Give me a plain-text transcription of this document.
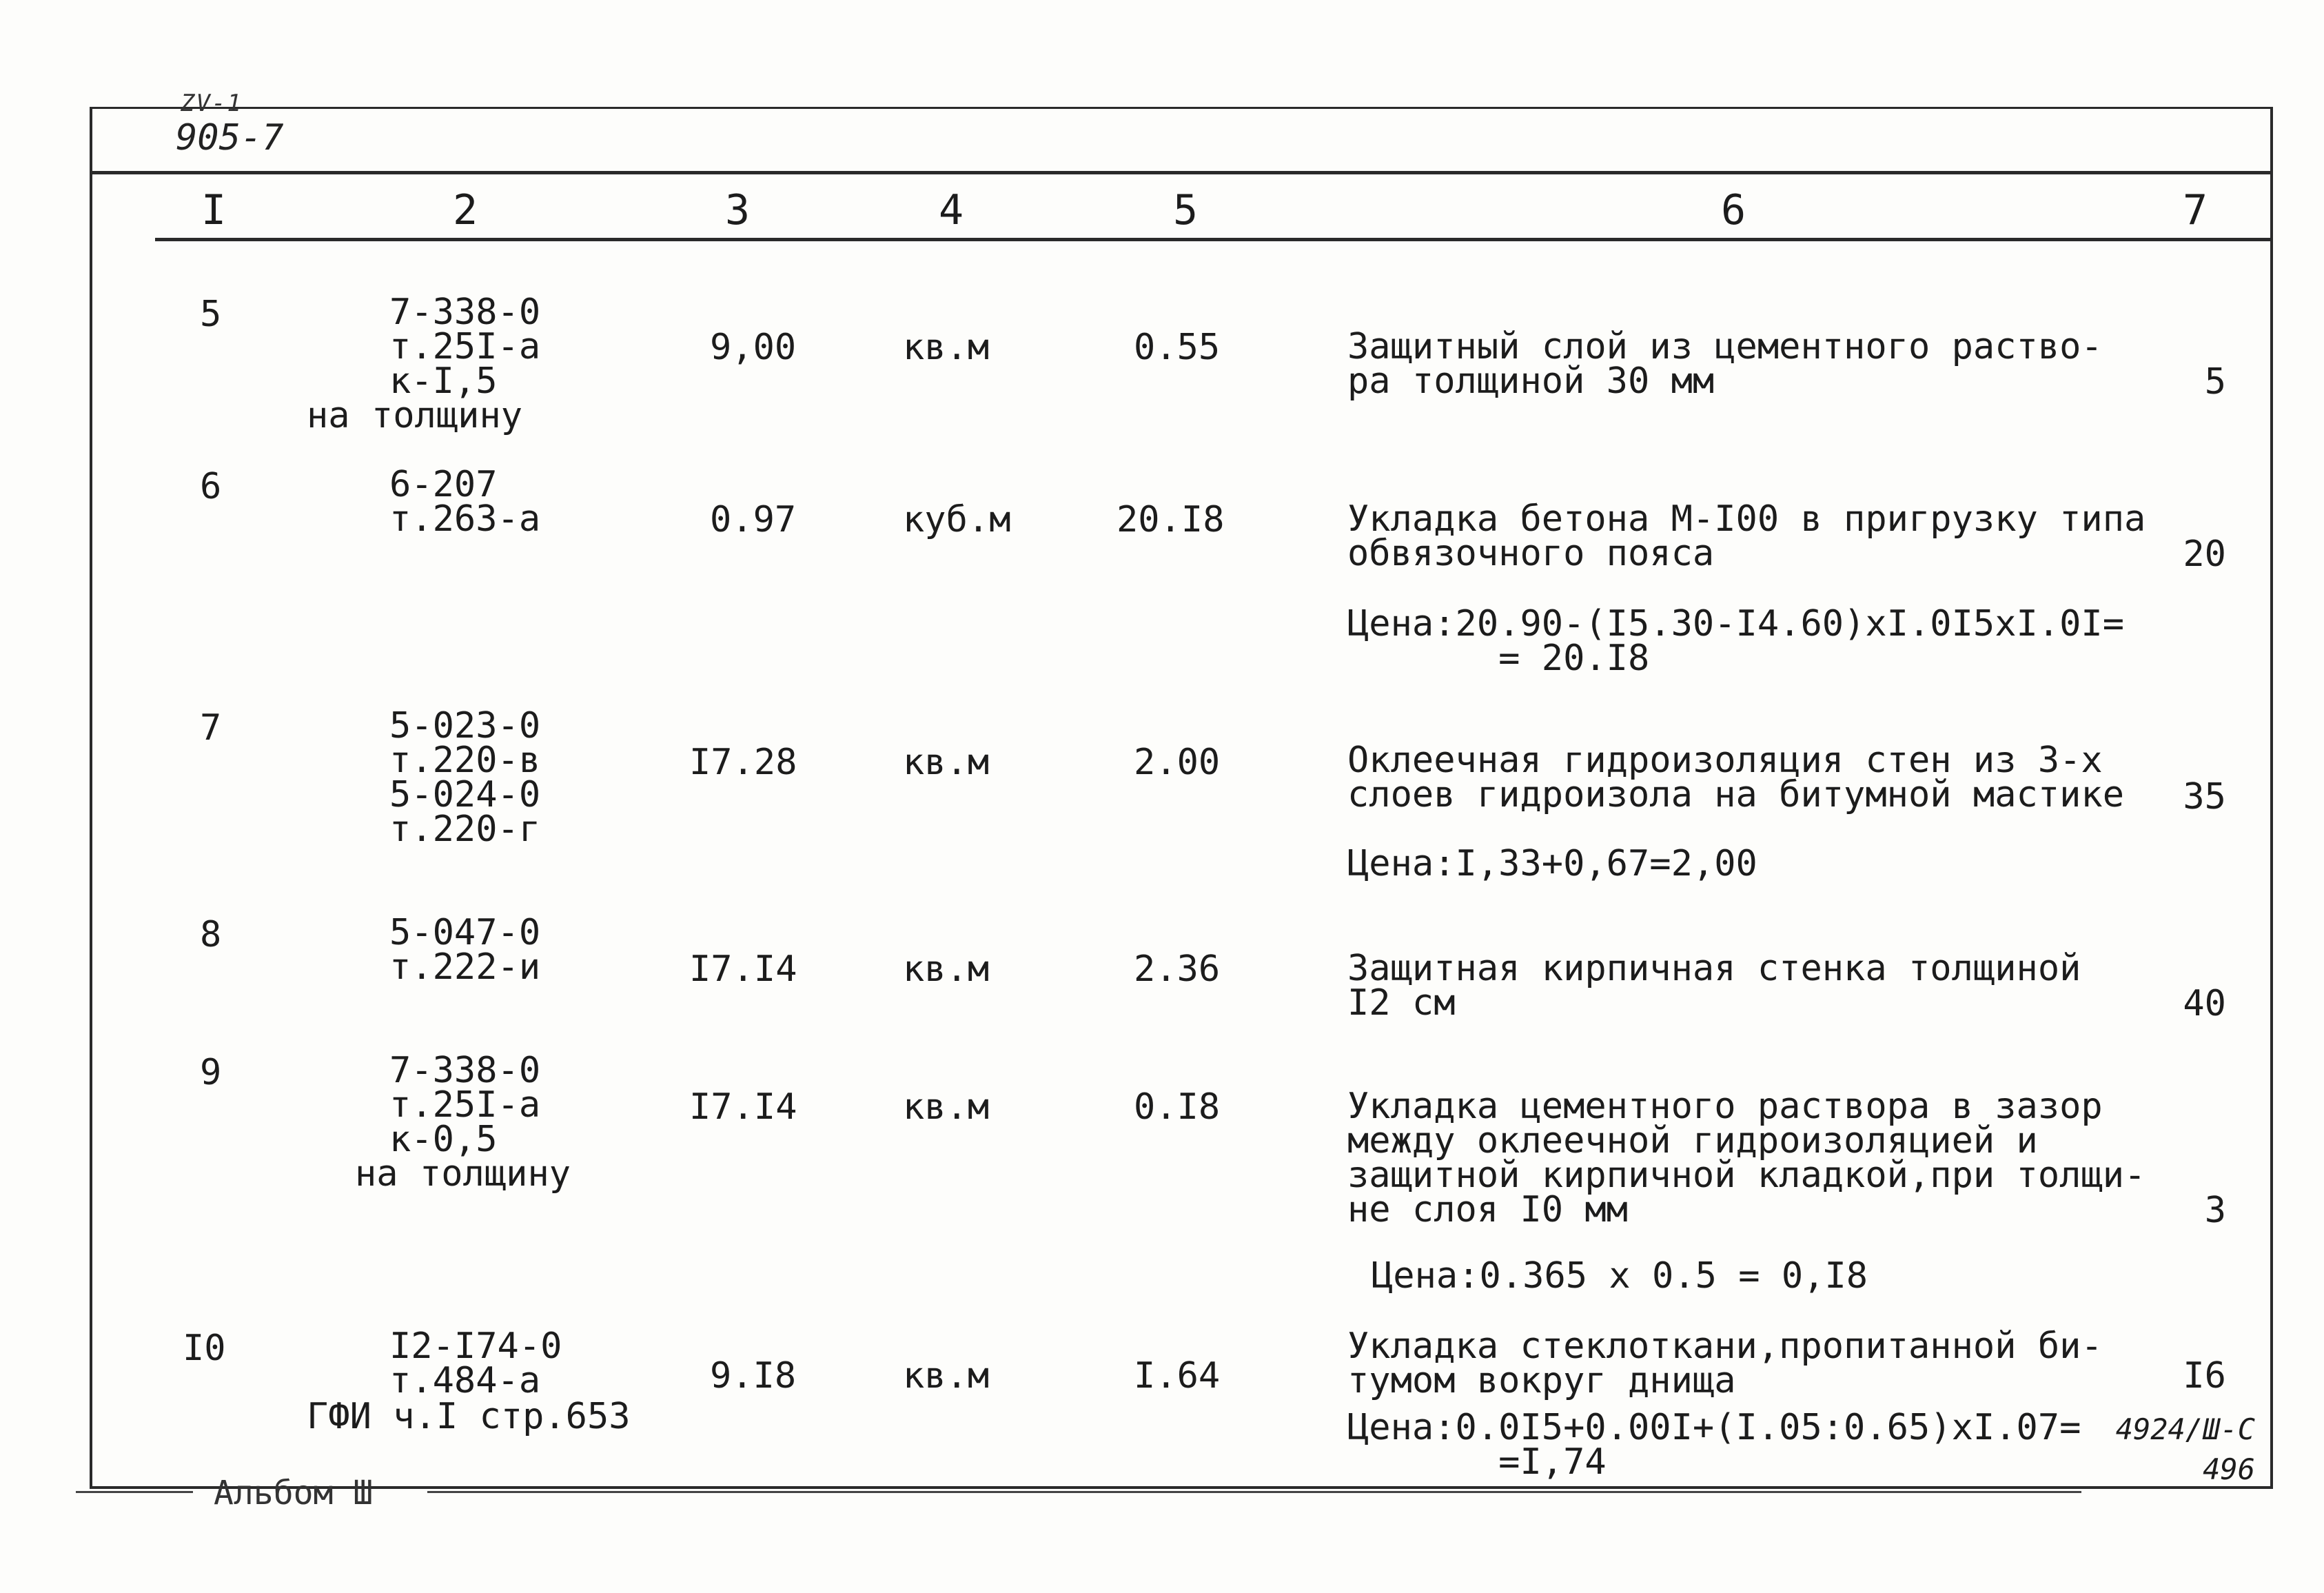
ZV-1
905-7
I	2	3	4	5	6	7
5	7-338-0
т.25I-а
к-I,5
на толщину
9,00	кв.м	0.55	Защитный слой из цементного раство-
ра толщиной 30 мм	5
6	6-207
т.263-а	0.97	куб.м	20.I8	Укладка бетона М-I00 в пригрузку типа
обвязочного пояса	20
Цена:20.90-(I5.30-I4.60)xI.0I5xI.0I=
= 20.I8
7	5-023-0
т.220-в
5-024-0
т.220-г
I7.28	кв.м	2.00	Оклеечная гидроизоляция стен из 3-х
слоев гидроизола на битумной мастике	35
Цена:I,33+0,67=2,00
8	5-047-0
т.222-и	I7.I4	кв.м	2.36	Защитная кирпичная стенка толщиной
I2 см	40
9	7-338-0
т.25I-а
к-0,5
на толщину
I7.I4	кв.м	0.I8	Укладка цементного раствора в зазор
между оклеечной гидроизоляцией и
защитной кирпичной кладкой,при толщи-
не слоя I0 мм	3
Цена:0.365 x 0.5 = 0,I8
I0	I2-I74-0
т.484-а
ГФИ ч.I стр.653
9.I8	кв.м	I.64
Укладка стеклоткани,пропитанной би-
тумом вокруг днища	I6
Цена:0.0I5+0.00I+(I.05:0.65)xI.07=
=I,74
Альбом Ш
4924/Ш-С
496
